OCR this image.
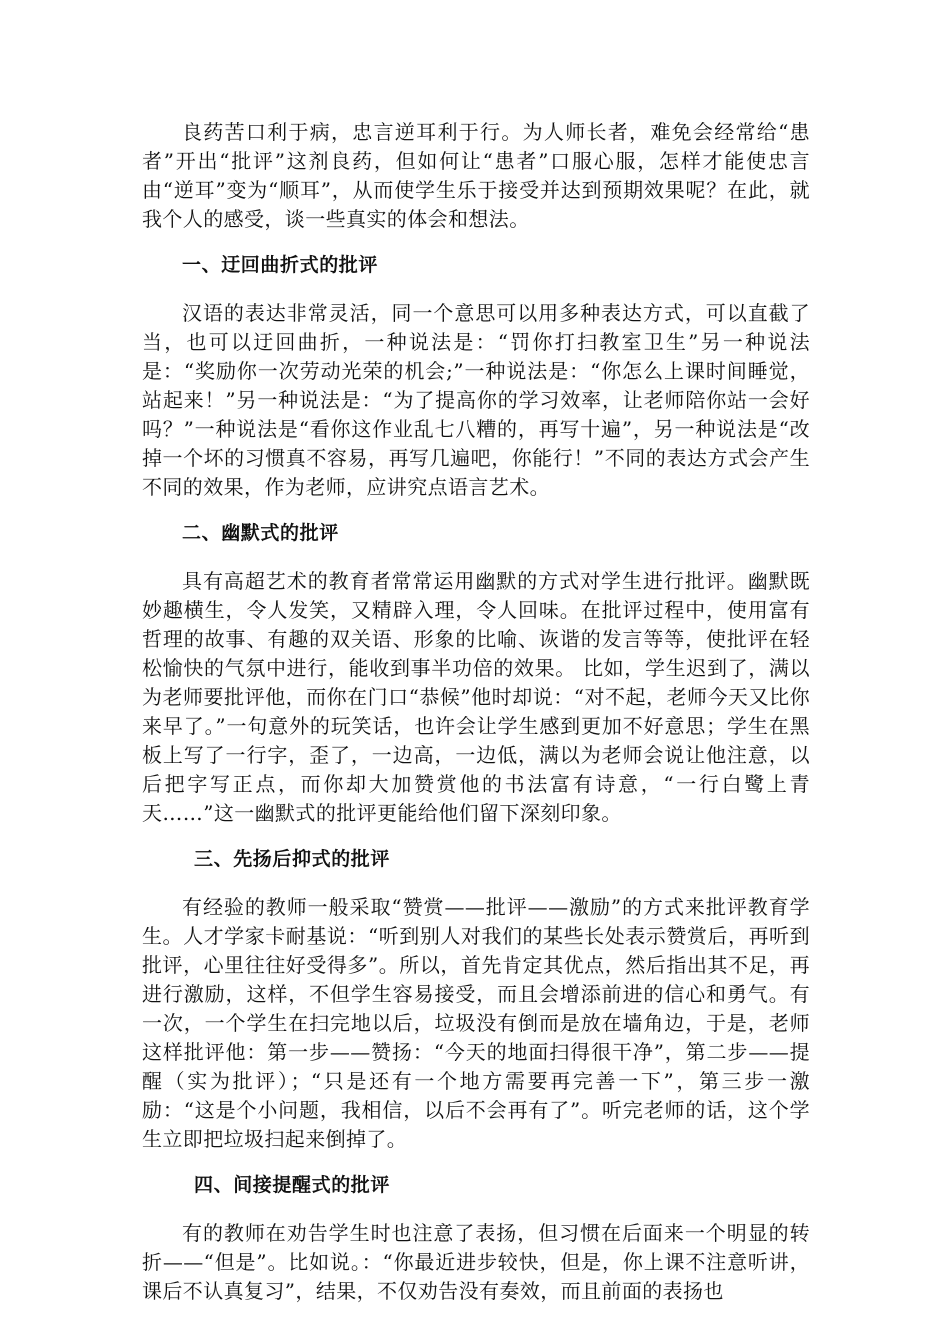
良药苦口利于病，忠言逆耳利于行。为人师长者，难免会经常给“患者”开出“批评”这剂良药，但如何让“患者”口服心服，怎样才能使忠言由“逆耳”变为“顺耳”，从而使学生乐于接受并达到预期效果呢？在此，就我个人的感受，谈一些真实的体会和想法。

一、迂回曲折式的批评

汉语的表达非常灵活，同一个意思可以用多种表达方式，可以直截了当，也可以迂回曲折，一种说法是：“罚你打扫教室卫生”另一种说法是：“奖励你一次劳动光荣的机会;”一种说法是：“你怎么上课时间睡觉，站起来！”另一种说法是：“为了提高你的学习效率，让老师陪你站一会好吗？”一种说法是“看你这作业乱七八糟的，再写十遍”，另一种说法是“改掉一个坏的习惯真不容易，再写几遍吧，你能行！”不同的表达方式会产生不同的效果，作为老师，应讲究点语言艺术。

二、幽默式的批评

具有高超艺术的教育者常常运用幽默的方式对学生进行批评。幽默既妙趣横生，令人发笑，又精辟入理，令人回味。在批评过程中，使用富有哲理的故事、有趣的双关语、形象的比喻、诙谐的发言等等，使批评在轻松愉快的气氛中进行，能收到事半功倍的效果。 比如，学生迟到了，满以为老师要批评他，而你在门口“恭候”他时却说：“对不起，老师今天又比你来早了。”一句意外的玩笑话，也许会让学生感到更加不好意思；学生在黑板上写了一行字，歪了，一边高，一边低，满以为老师会说让他注意，以后把字写正点，而你却大加赞赏他的书法富有诗意，“一行白鹭上青天……”这一幽默式的批评更能给他们留下深刻印象。

三、先扬后抑式的批评

有经验的教师一般采取“赞赏——批评——激励”的方式来批评教育学生。人才学家卡耐基说：“听到别人对我们的某些长处表示赞赏后，再听到批评，心里往往好受得多”。所以，首先肯定其优点，然后指出其不足，再进行激励，这样，不但学生容易接受，而且会增添前进的信心和勇气。有一次，一个学生在扫完地以后，垃圾没有倒而是放在墙角边，于是，老师这样批评他：第一步——赞扬：“今天的地面扫得很干净”，第二步——提醒（实为批评）；“只是还有一个地方需要再完善一下”，第三步一激励：“这是个小问题，我相信，以后不会再有了”。听完老师的话，这个学生立即把垃圾扫起来倒掉了。

四、间接提醒式的批评

有的教师在劝告学生时也注意了表扬，但习惯在后面来一个明显的转折——“但是”。比如说。：“你最近进步较快，但是，你上课不注意听讲，课后不认真复习”，结果，不仅劝告没有奏效，而且前面的表扬也
